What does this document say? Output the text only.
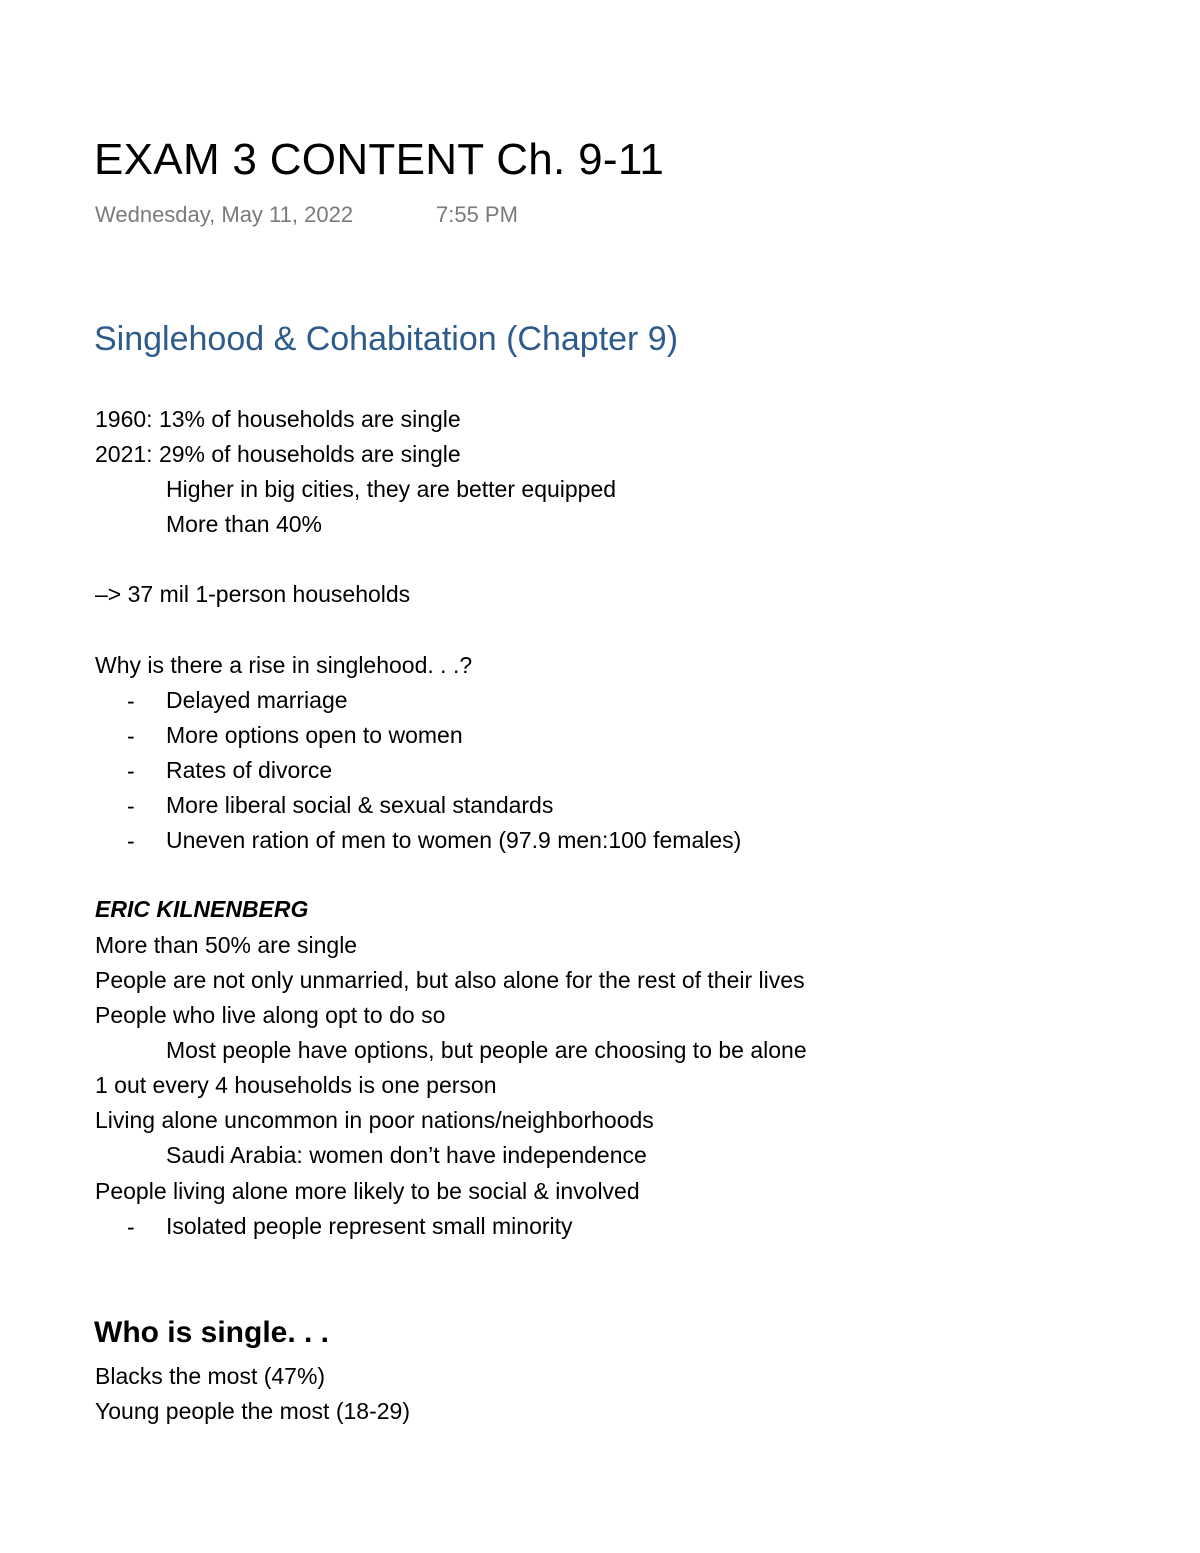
EXAM 3 CONTENT Ch. 9-11
Wednesday, May 11, 2022	7:55 PM
Singlehood & Cohabitation (Chapter 9)
1960: 13% of households are single
2021: 29% of households are single
Higher in big cities, they are better equipped
More than 40%
–> 37 mil 1-person households
Why is there a rise in singlehood. . .?
- Delayed marriage
- More options open to women
- Rates of divorce
- More liberal social & sexual standards
- Uneven ration of men to women (97.9 men:100 females)
ERIC KILNENBERG
More than 50% are single
People are not only unmarried, but also alone for the rest of their lives
People who live along opt to do so
Most people have options, but people are choosing to be alone
1 out every 4 households is one person
Living alone uncommon in poor nations/neighborhoods
Saudi Arabia: women don’t have independence
People living alone more likely to be social & involved
- Isolated people represent small minority
Who is single. . .
Blacks the most (47%)
Young people the most (18-29)
